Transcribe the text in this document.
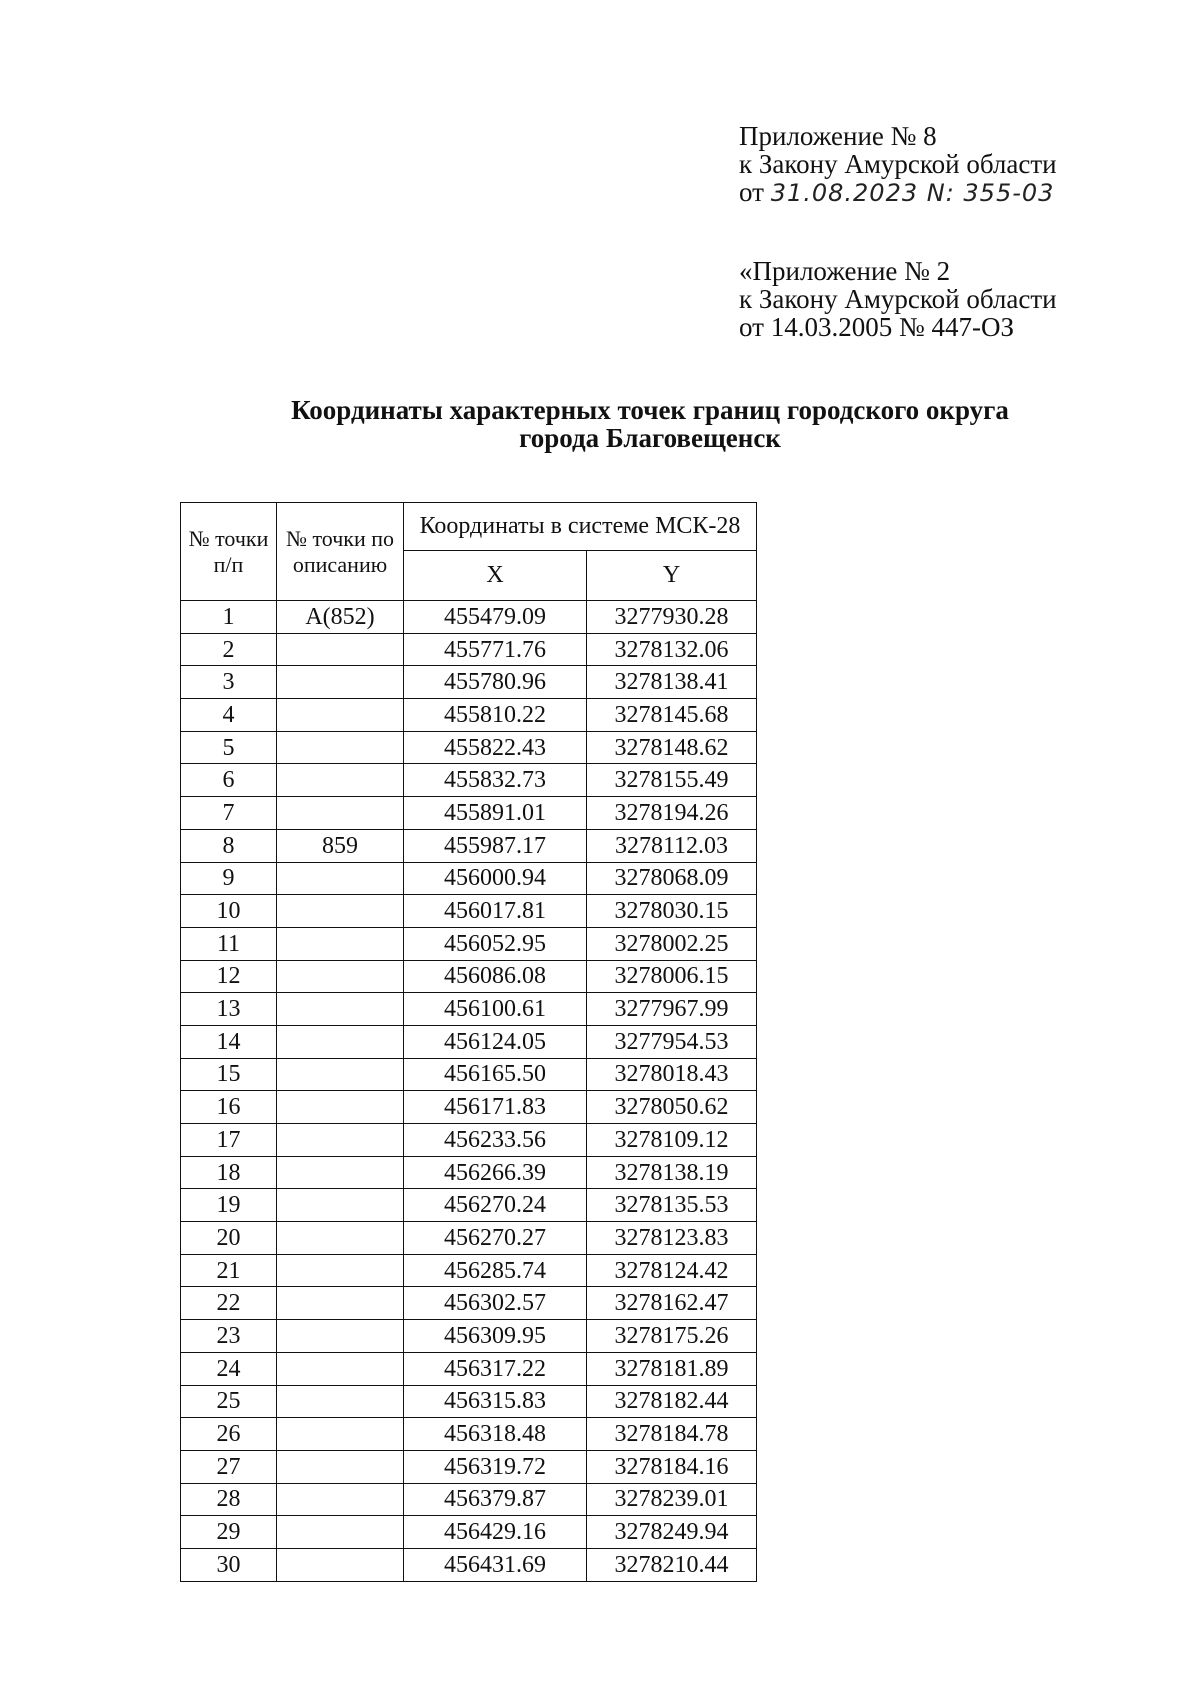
Приложение № 8
к Закону Амурской области
от 31.08.2023 N: 355-03
«Приложение № 2
к Закону Амурской области
от 14.03.2005 № 447-ОЗ
Координаты характерных точек границ городского округа
города Благовещенск
№ точки п/п	№ точки по описанию	Координаты в системе МСК-28	
		X	Y
1	А(852)	455479.09	3277930.28
2		455771.76	3278132.06
3		455780.96	3278138.41
4		455810.22	3278145.68
5		455822.43	3278148.62
6		455832.73	3278155.49
7		455891.01	3278194.26
8	859	455987.17	3278112.03
9		456000.94	3278068.09
10		456017.81	3278030.15
11		456052.95	3278002.25
12		456086.08	3278006.15
13		456100.61	3277967.99
14		456124.05	3277954.53
15		456165.50	3278018.43
16		456171.83	3278050.62
17		456233.56	3278109.12
18		456266.39	3278138.19
19		456270.24	3278135.53
20		456270.27	3278123.83
21		456285.74	3278124.42
22		456302.57	3278162.47
23		456309.95	3278175.26
24		456317.22	3278181.89
25		456315.83	3278182.44
26		456318.48	3278184.78
27		456319.72	3278184.16
28		456379.87	3278239.01
29		456429.16	3278249.94
30		456431.69	3278210.44
